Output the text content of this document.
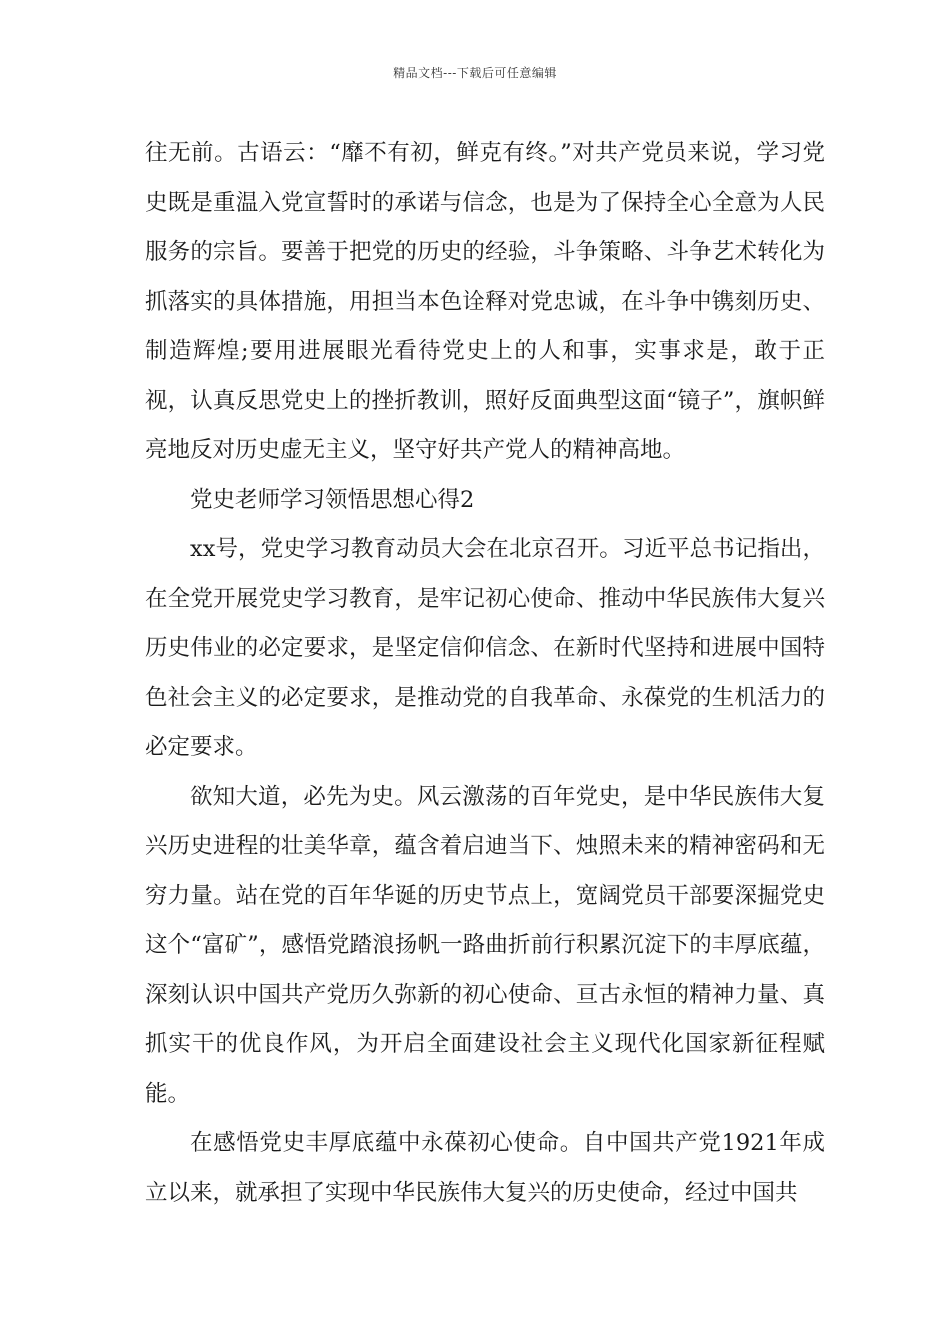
精品文档---下载后可任意编辑

往无前。古语云：“靡不有初，鲜克有终。”对共产党员来说，学习党史既是重温入党宣誓时的承诺与信念，也是为了保持全心全意为人民服务的宗旨。要善于把党的历史的经验，斗争策略、斗争艺术转化为抓落实的具体措施，用担当本色诠释对党忠诚，在斗争中镌刻历史、制造辉煌;要用进展眼光看待党史上的人和事，实事求是，敢于正视，认真反思党史上的挫折教训，照好反面典型这面“镜子”，旗帜鲜亮地反对历史虚无主义，坚守好共产党人的精神高地。

党史老师学习领悟思想心得2

xx号，党史学习教育动员大会在北京召开。习近平总书记指出，在全党开展党史学习教育，是牢记初心使命、推动中华民族伟大复兴历史伟业的必定要求，是坚定信仰信念、在新时代坚持和进展中国特色社会主义的必定要求，是推动党的自我革命、永葆党的生机活力的必定要求。

欲知大道，必先为史。风云激荡的百年党史，是中华民族伟大复兴历史进程的壮美华章，蕴含着启迪当下、烛照未来的精神密码和无穷力量。站在党的百年华诞的历史节点上，宽阔党员干部要深掘党史这个“富矿”，感悟党踏浪扬帆一路曲折前行积累沉淀下的丰厚底蕴，深刻认识中国共产党历久弥新的初心使命、亘古永恒的精神力量、真抓实干的优良作风，为开启全面建设社会主义现代化国家新征程赋能。

在感悟党史丰厚底蕴中永葆初心使命。自中国共产党1921年成立以来，就承担了实现中华民族伟大复兴的历史使命，经过中国共
